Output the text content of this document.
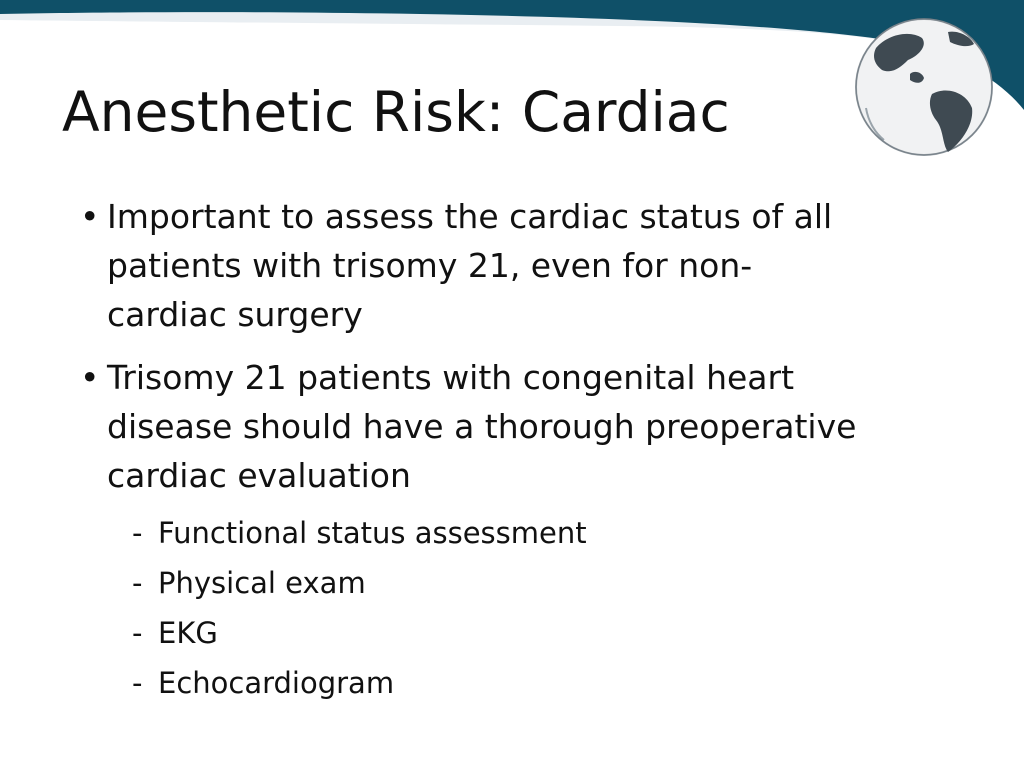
Anesthetic Risk: Cardiac
• Important to assess the cardiac status of all
patients with trisomy 21, even for non-
cardiac surgery
• Trisomy 21 patients with congenital heart
disease should have a thorough preoperative
cardiac evaluation
- Functional status assessment
- Physical exam
- EKG
- Echocardiogram
